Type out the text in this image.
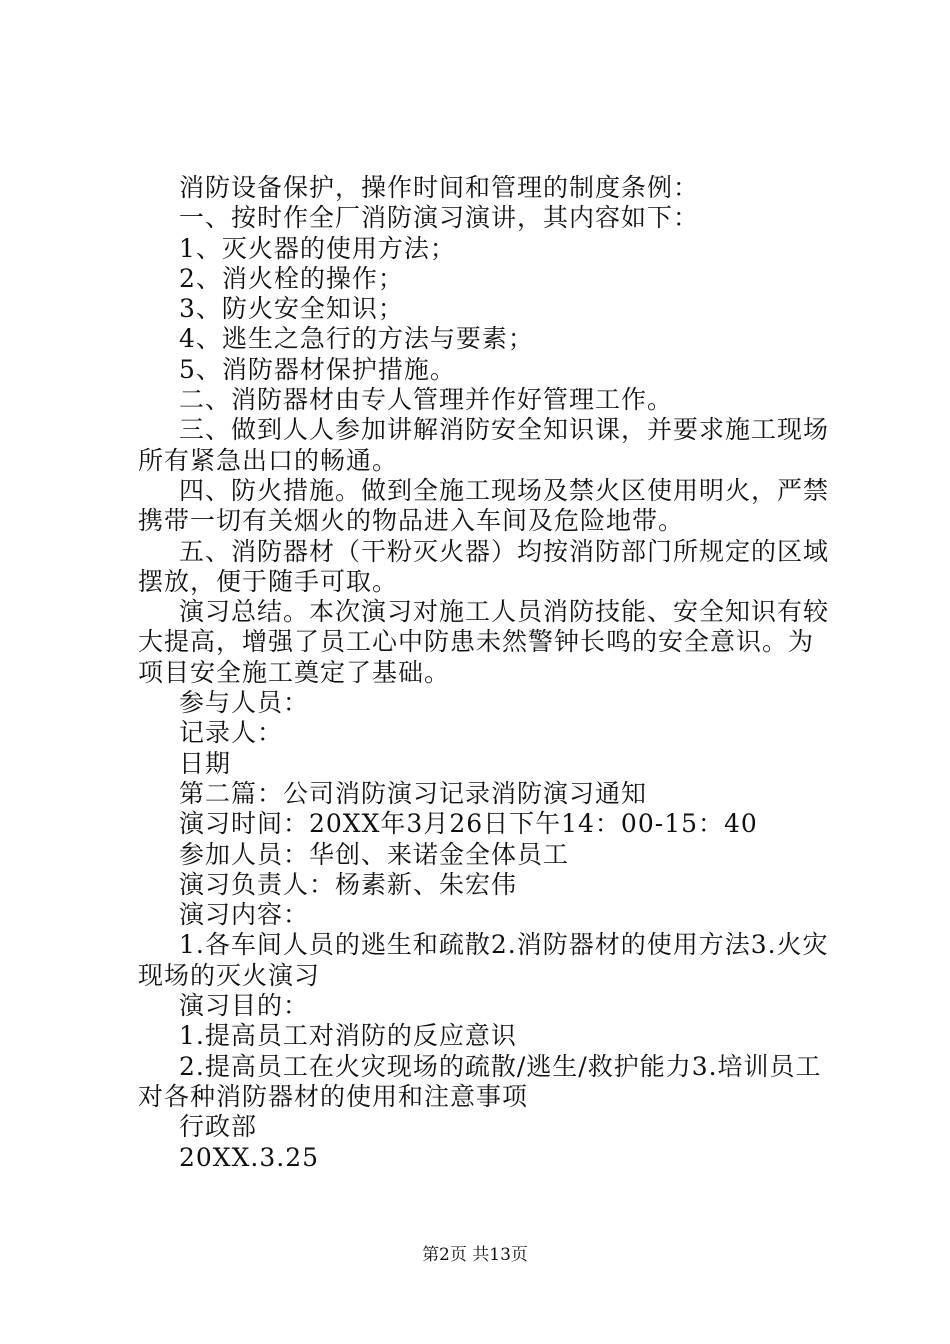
消防设备保护，操作时间和管理的制度条例：

一、按时作全厂消防演习演讲，其内容如下：

1、灭火器的使用方法；

2、消火栓的操作；

3、防火安全知识；

4、逃生之急行的方法与要素；

5、消防器材保护措施。

二、消防器材由专人管理并作好管理工作。

三、做到人人参加讲解消防安全知识课，并要求施工现场所有紧急出口的畅通。

四、防火措施。做到全施工现场及禁火区使用明火，严禁携带一切有关烟火的物品进入车间及危险地带。

五、消防器材（干粉灭火器）均按消防部门所规定的区域摆放，便于随手可取。

演习总结。本次演习对施工人员消防技能、安全知识有较大提高，增强了员工心中防患未然警钟长鸣的安全意识。为项目安全施工奠定了基础。

参与人员：

记录人：

日期

第二篇：公司消防演习记录消防演习通知

演习时间：20XX年3月26日下午14：00-15：40

参加人员：华创、来诺金全体员工

演习负责人：杨素新、朱宏伟

演习内容：

1.各车间人员的逃生和疏散2.消防器材的使用方法3.火灾现场的灭火演习

演习目的：

1.提高员工对消防的反应意识

2.提高员工在火灾现场的疏散/逃生/救护能力3.培训员工对各种消防器材的使用和注意事项

行政部

20XX.3.25

第2页 共13页
